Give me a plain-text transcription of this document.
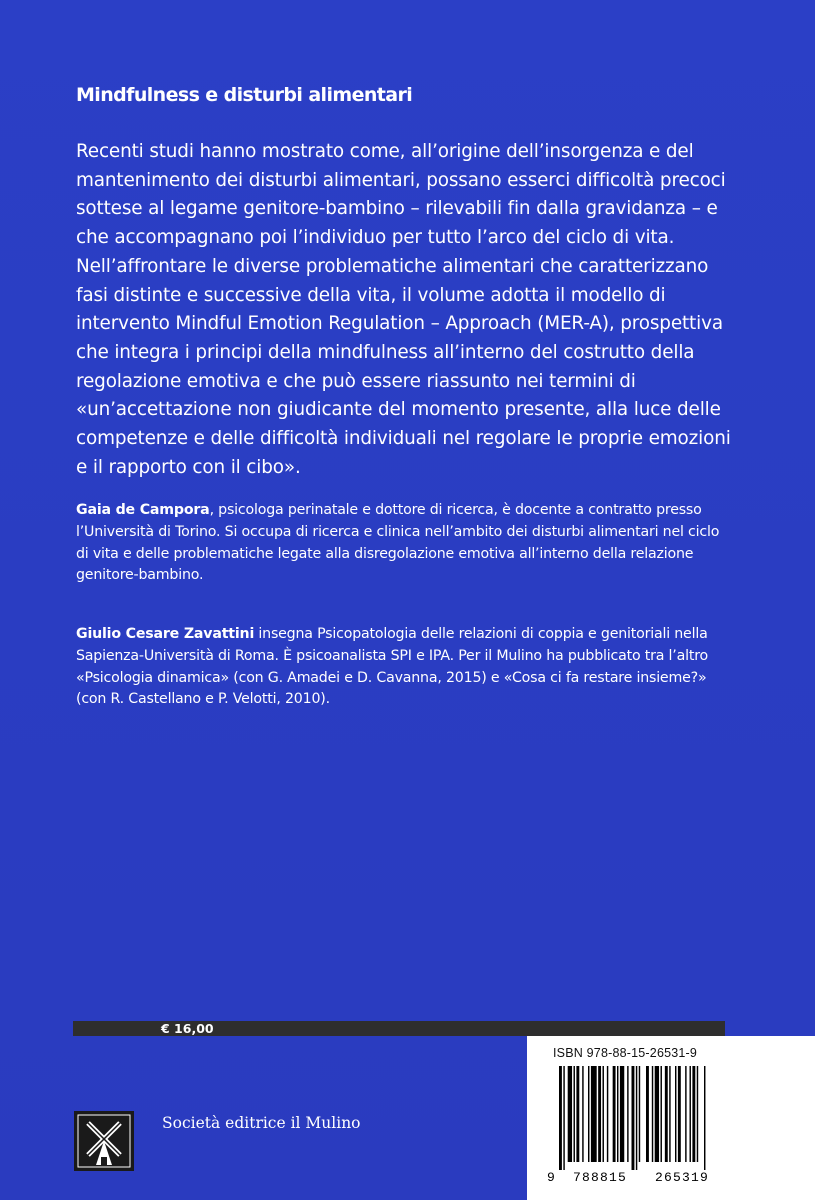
Mindfulness e disturbi alimentari

Recenti studi hanno mostrato come, all’origine dell’insorgenza e del mantenimento dei disturbi alimentari, possano esserci difficoltà precoci sottese al legame genitore-bambino – rilevabili fin dalla gravidanza – e che accompagnano poi l’individuo per tutto l’arco del ciclo di vita. Nell’affrontare le diverse problematiche alimentari che caratterizzano fasi distinte e successive della vita, il volume adotta il modello di intervento Mindful Emotion Regulation – Approach (MER-A), prospettiva che integra i principi della mindfulness all’interno del costrutto della regolazione emotiva e che può essere riassunto nei termini di «un’accettazione non giudicante del momento presente, alla luce delle competenze e delle difficoltà individuali nel regolare le proprie emozioni e il rapporto con il cibo».

Gaia de Campora, psicologa perinatale e dottore di ricerca, è docente a contratto presso l’Università di Torino. Si occupa di ricerca e clinica nell’ambito dei disturbi alimentari nel ciclo di vita e delle problematiche legate alla disregolazione emotiva all’interno della relazione genitore-bambino.

Giulio Cesare Zavattini insegna Psicopatologia delle relazioni di coppia e genitoriali nella Sapienza-Università di Roma. È psicoanalista SPI e IPA. Per il Mulino ha pubblicato tra l’altro «Psicologia dinamica» (con G. Amadei e D. Cavanna, 2015) e «Cosa ci fa restare insieme?» (con R. Castellano e P. Velotti, 2010).

€ 16,00
ISBN 978-88-15-26531-9
9 788815 265319
Società editrice il Mulino
